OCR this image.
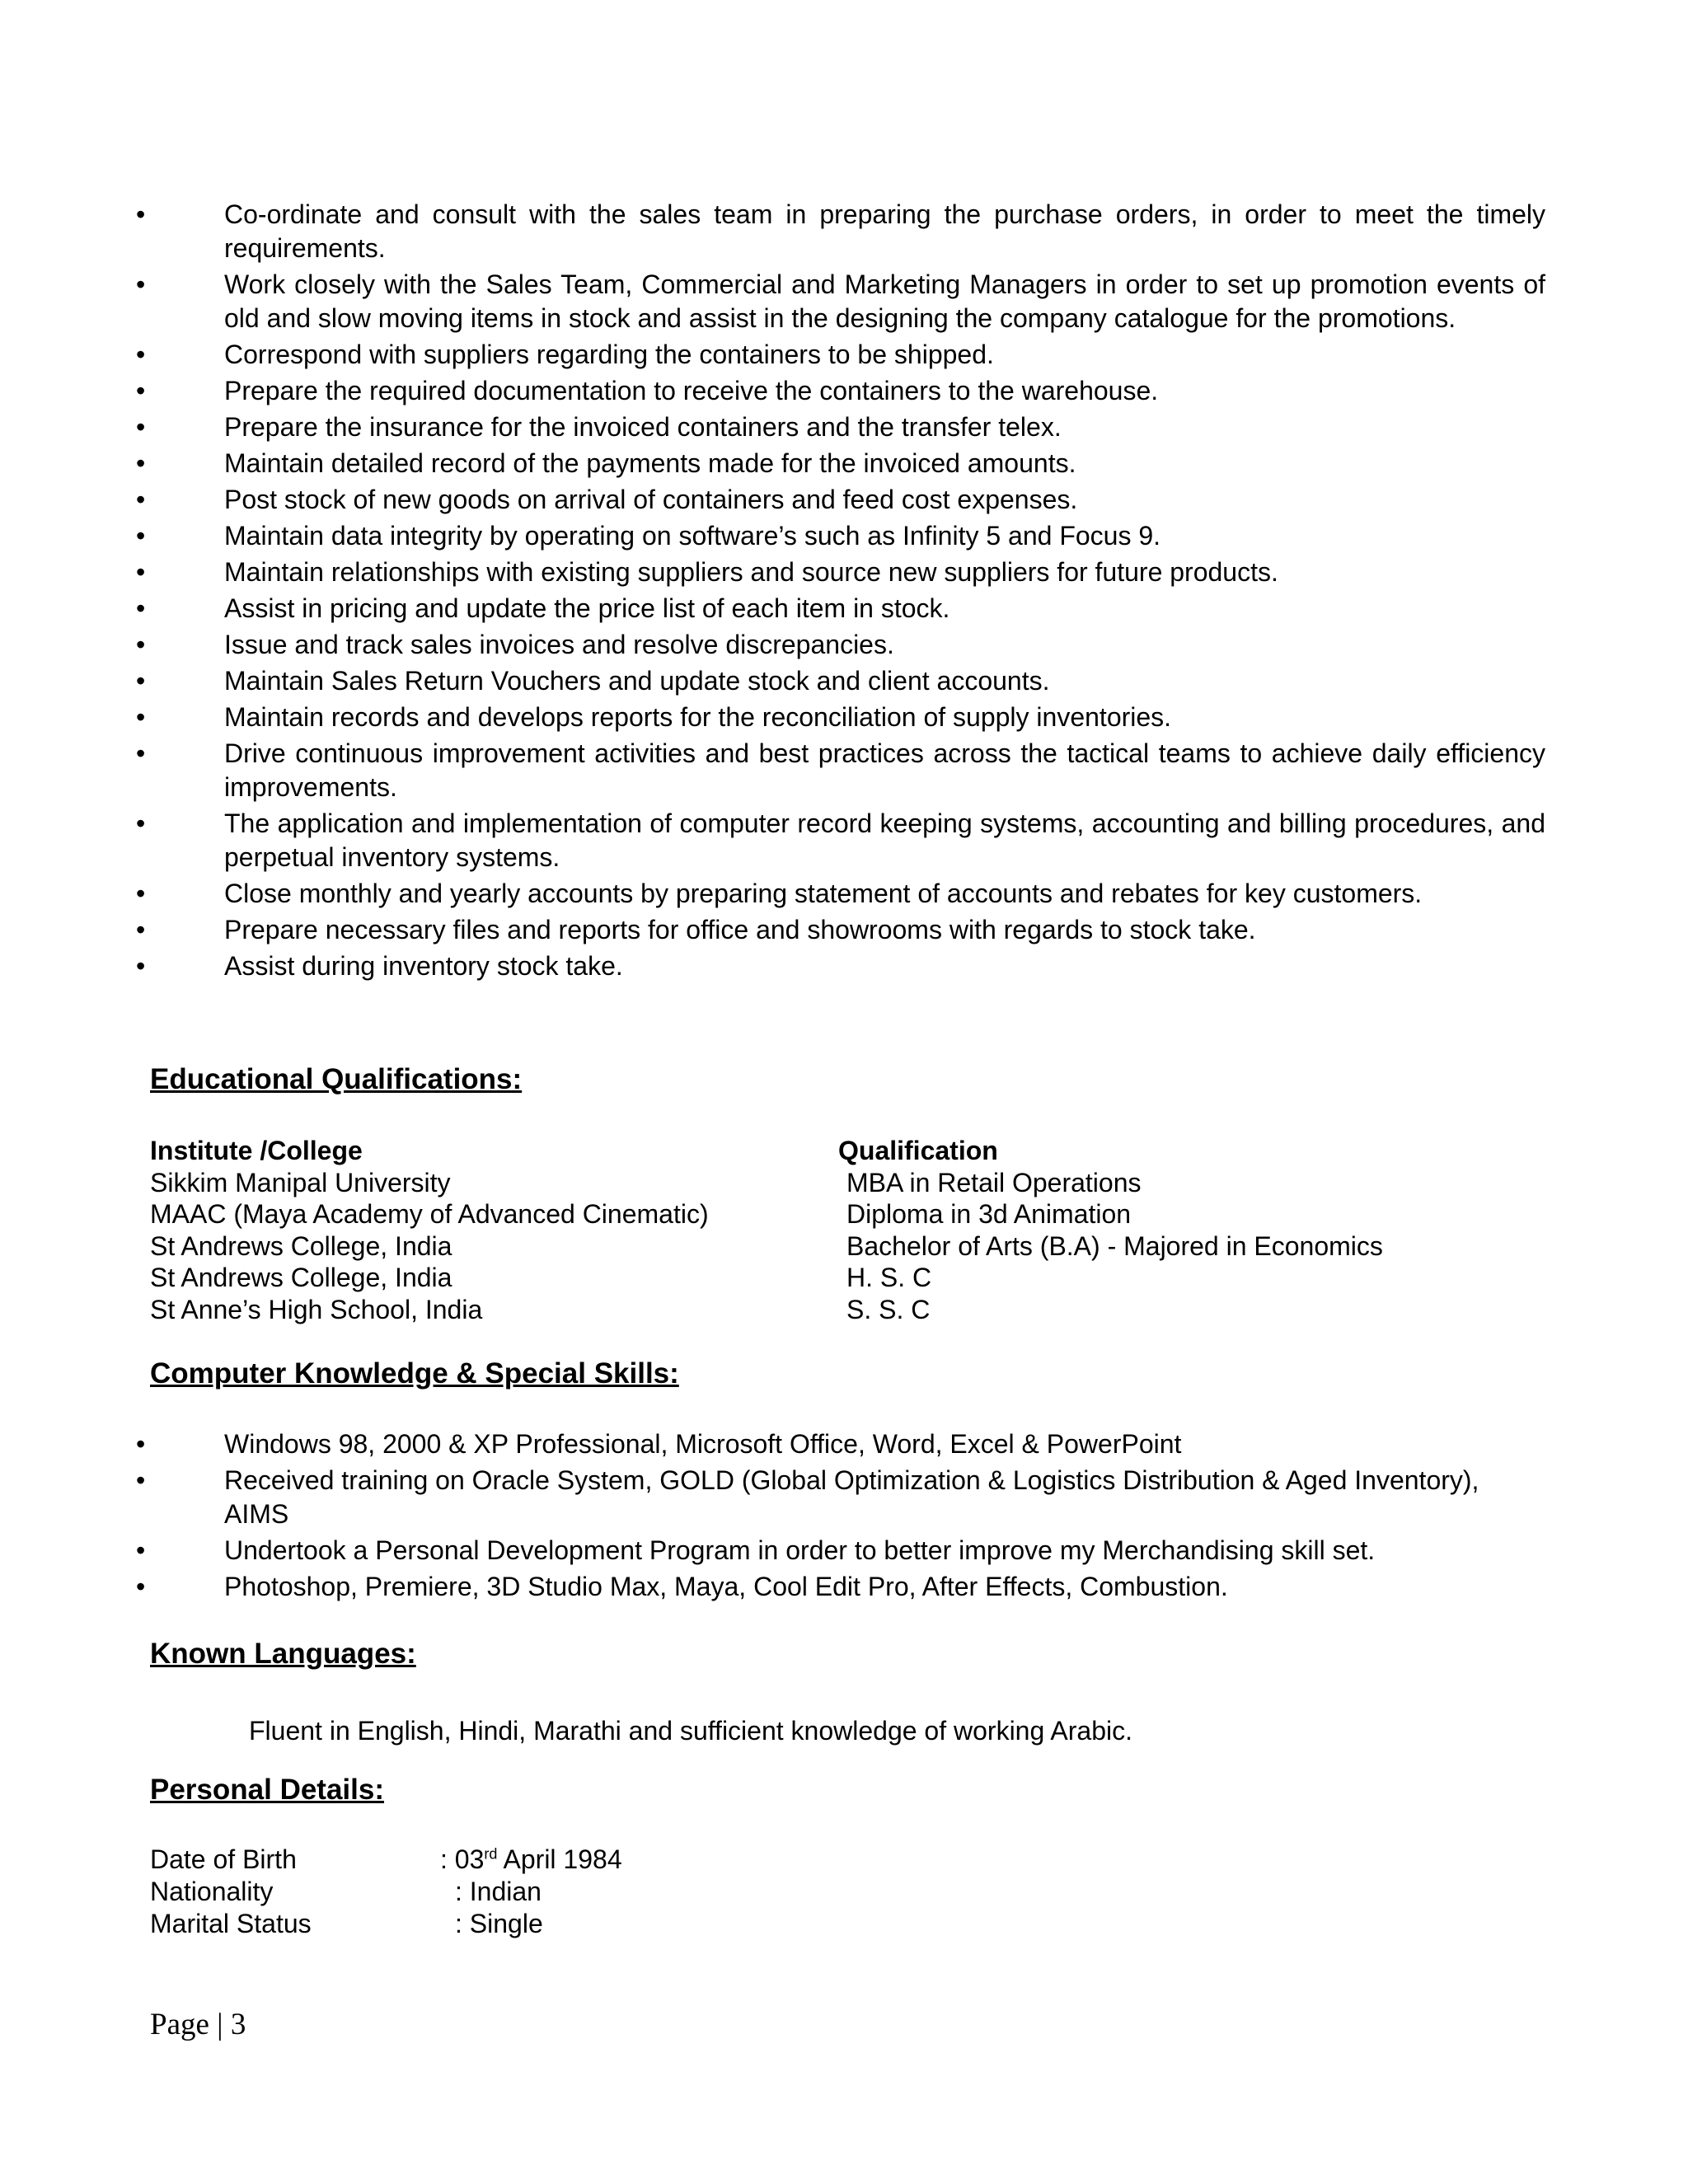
•	Co-ordinate and consult with the sales team in preparing the purchase orders, in order to meet the timely requirements.
•	Work closely with the Sales Team, Commercial and Marketing Managers in order to set up promotion events of old and slow moving items in stock and assist in the designing the company catalogue for the promotions.
•	Correspond with suppliers regarding the containers to be shipped.
•	Prepare the required documentation to receive the containers to the warehouse.
•	Prepare the insurance for the invoiced containers and the transfer telex.
•	Maintain detailed record of the payments made for the invoiced amounts.
•	Post stock of new goods on arrival of containers and feed cost expenses.
•	Maintain data integrity by operating on software’s such as Infinity 5 and Focus 9.
•	Maintain relationships with existing suppliers and source new suppliers for future products.
•	Assist in pricing and update the price list of each item in stock.
•	Issue and track sales invoices and resolve discrepancies.
•	Maintain Sales Return Vouchers and update stock and client accounts.
•	Maintain records and develops reports for the reconciliation of supply inventories.
•	Drive continuous improvement activities and best practices across the tactical teams to achieve daily efficiency improvements.
•	The application and implementation of computer record keeping systems, accounting and billing procedures, and perpetual inventory systems.
•	Close monthly and yearly accounts by preparing statement of accounts and rebates for key customers.
•	Prepare necessary files and reports for office and showrooms with regards to stock take.
•	Assist during inventory stock take.
Educational Qualifications:
Institute /College	Qualification
Sikkim Manipal University	MBA in Retail Operations
MAAC (Maya Academy of Advanced Cinematic)	Diploma in 3d Animation
St Andrews College, India	Bachelor of Arts (B.A) - Majored in Economics
St Andrews College, India	H. S. C
St Anne’s High School, India	S. S. C
Computer Knowledge & Special Skills:
•	Windows 98, 2000 & XP Professional, Microsoft Office, Word, Excel & PowerPoint
•	Received training on Oracle System, GOLD (Global Optimization & Logistics Distribution & Aged Inventory), AIMS
•	Undertook a Personal Development Program in order to better improve my Merchandising skill set.
•	Photoshop, Premiere, 3D Studio Max, Maya, Cool Edit Pro, After Effects, Combustion.
Known Languages:

Fluent in English, Hindi, Marathi and sufficient knowledge of working Arabic.

Personal Details:
Date of Birth	: 03rd April 1984
Nationality	: Indian
Marital Status	: Single

Page | 3
